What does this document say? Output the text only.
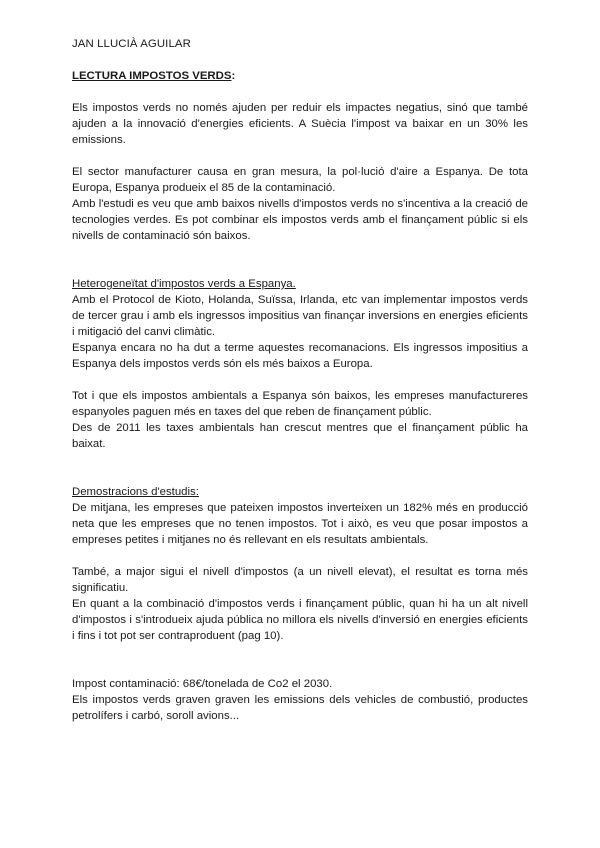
JAN LLUCIÀ AGUILAR
LECTURA IMPOSTOS VERDS:

Els impostos verds no només ajuden per reduir els impactes negatius, sinó que també ajuden a la innovació d'energies eficients. A Suècia l'impost va baixar en un 30% les emissions.

El sector manufacturer causa en gran mesura, la pol·lució d'aire a Espanya. De tota Europa, Espanya produeix el 85 de la contaminació.

Amb l'estudi es veu que amb baixos nivells d'impostos verds no s'incentiva a la creació de tecnologies verdes. Es pot combinar els impostos verds amb el finançament públic si els nivells de contaminació són baixos.

Heterogeneïtat d'impostos verds a Espanya.

Amb el Protocol de Kioto, Holanda, Suïssa, Irlanda, etc van implementar impostos verds de tercer grau i amb els ingressos impositius van finançar inversions en energies eficients i mitigació del canvi climàtic.

Espanya encara no ha dut a terme aquestes recomanacions. Els ingressos impositius a Espanya dels impostos verds són els més baixos a Europa.

Tot i que els impostos ambientals a Espanya són baixos, les empreses manufactureres espanyoles paguen més en taxes del que reben de finançament públic.

Des de 2011 les taxes ambientals han crescut mentres que el finançament públic ha baixat.

Demostracions d'estudis:

De mitjana, les empreses que pateixen impostos inverteixen un 182% més en producció neta que les empreses que no tenen impostos. Tot i això, es veu que posar impostos a empreses petites i mitjanes no és rellevant en els resultats ambientals.

També, a major sigui el nivell d'impostos (a un nivell elevat), el resultat es torna més significatiu.

En quant a la combinació d'impostos verds i finançament públic, quan hi ha un alt nivell d'impostos i s'introdueix ajuda pública no millora els nivells d'inversió en energies eficients i fins i tot pot ser contraproduent (pag 10).

Impost contaminació: 68€/tonelada de Co2 el 2030.

Els impostos verds graven graven les emissions dels vehicles de combustió, productes petrolífers i carbó, soroll avions...
